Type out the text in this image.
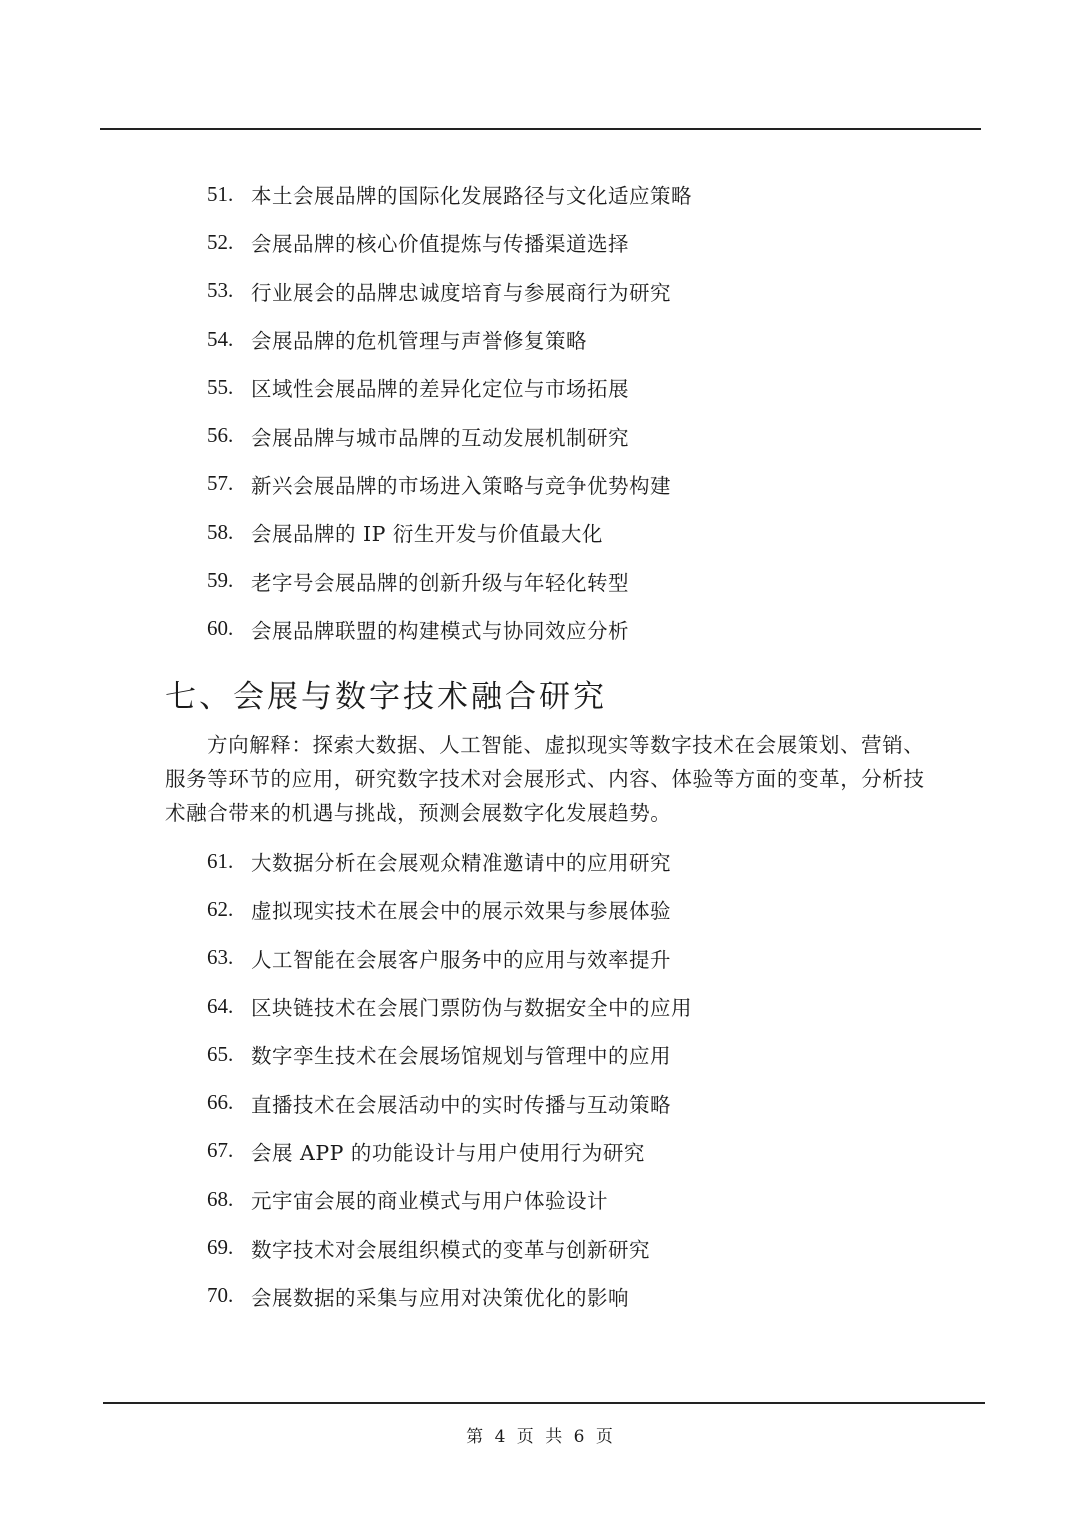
51. 本土会展品牌的国际化发展路径与文化适应策略
52. 会展品牌的核心价值提炼与传播渠道选择
53. 行业展会的品牌忠诚度培育与参展商行为研究
54. 会展品牌的危机管理与声誉修复策略
55. 区域性会展品牌的差异化定位与市场拓展
56. 会展品牌与城市品牌的互动发展机制研究
57. 新兴会展品牌的市场进入策略与竞争优势构建
58. 会展品牌的 IP 衍生开发与价值最大化
59. 老字号会展品牌的创新升级与年轻化转型
60. 会展品牌联盟的构建模式与协同效应分析
七、会展与数字技术融合研究

方向解释：探索大数据、人工智能、虚拟现实等数字技术在会展策划、营销、服务等环节的应用，研究数字技术对会展形式、内容、体验等方面的变革，分析技术融合带来的机遇与挑战，预测会展数字化发展趋势。

61. 大数据分析在会展观众精准邀请中的应用研究
62. 虚拟现实技术在展会中的展示效果与参展体验
63. 人工智能在会展客户服务中的应用与效率提升
64. 区块链技术在会展门票防伪与数据安全中的应用
65. 数字孪生技术在会展场馆规划与管理中的应用
66. 直播技术在会展活动中的实时传播与互动策略
67. 会展 APP 的功能设计与用户使用行为研究
68. 元宇宙会展的商业模式与用户体验设计
69. 数字技术对会展组织模式的变革与创新研究
70. 会展数据的采集与应用对决策优化的影响
第 4 页 共 6 页
